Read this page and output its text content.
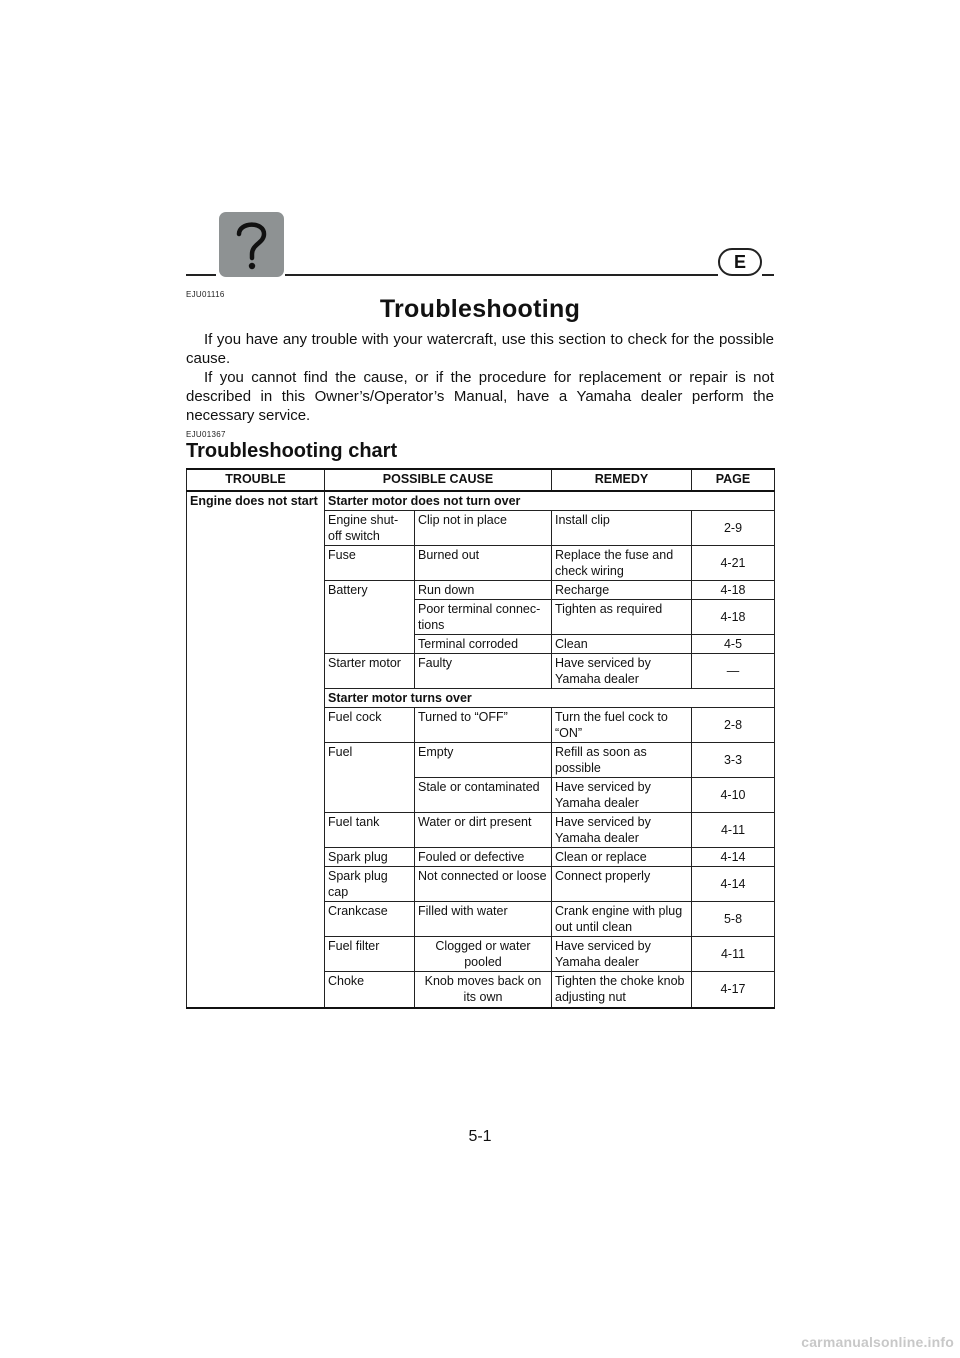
E
EJU01116
Troubleshooting

If you have any trouble with your watercraft, use this section to check for the possible cause.

If you cannot find the cause, or if the procedure for replacement or repair is not described in this Owner’s/Operator’s Manual, have a Yamaha dealer perform the necessary service.

EJU01367
Troubleshooting chart
TROUBLE	POSSIBLE CAUSE		REMEDY	PAGE
Engine does not start	Starter motor does not turn over			
	Engine shut-off switch	Clip not in place	Install clip	2-9
	Fuse	Burned out	Replace the fuse and check wiring	4-21
	Battery	Run down	Recharge	4-18
		Poor terminal connec-tions	Tighten as required	4-18
		Terminal corroded	Clean	4-5
	Starter motor	Faulty	Have serviced by Yamaha dealer	—
	Starter motor turns over			
	Fuel cock	Turned to “OFF”	Turn the fuel cock to “ON”	2-8
	Fuel	Empty	Refill as soon as possible	3-3
		Stale or contaminated	Have serviced by Yamaha dealer	4-10
	Fuel tank	Water or dirt present	Have serviced by Yamaha dealer	4-11
	Spark plug	Fouled or defective	Clean or replace	4-14
	Spark plug cap	Not connected or loose	Connect properly	4-14
	Crankcase	Filled with water	Crank engine with plug out until clean	5-8
	Fuel filter	Clogged or water pooled	Have serviced by Yamaha dealer	4-11
	Choke	Knob moves back on its own	Tighten the choke knob adjusting nut	4-17
5-1
carmanualsonline.info
